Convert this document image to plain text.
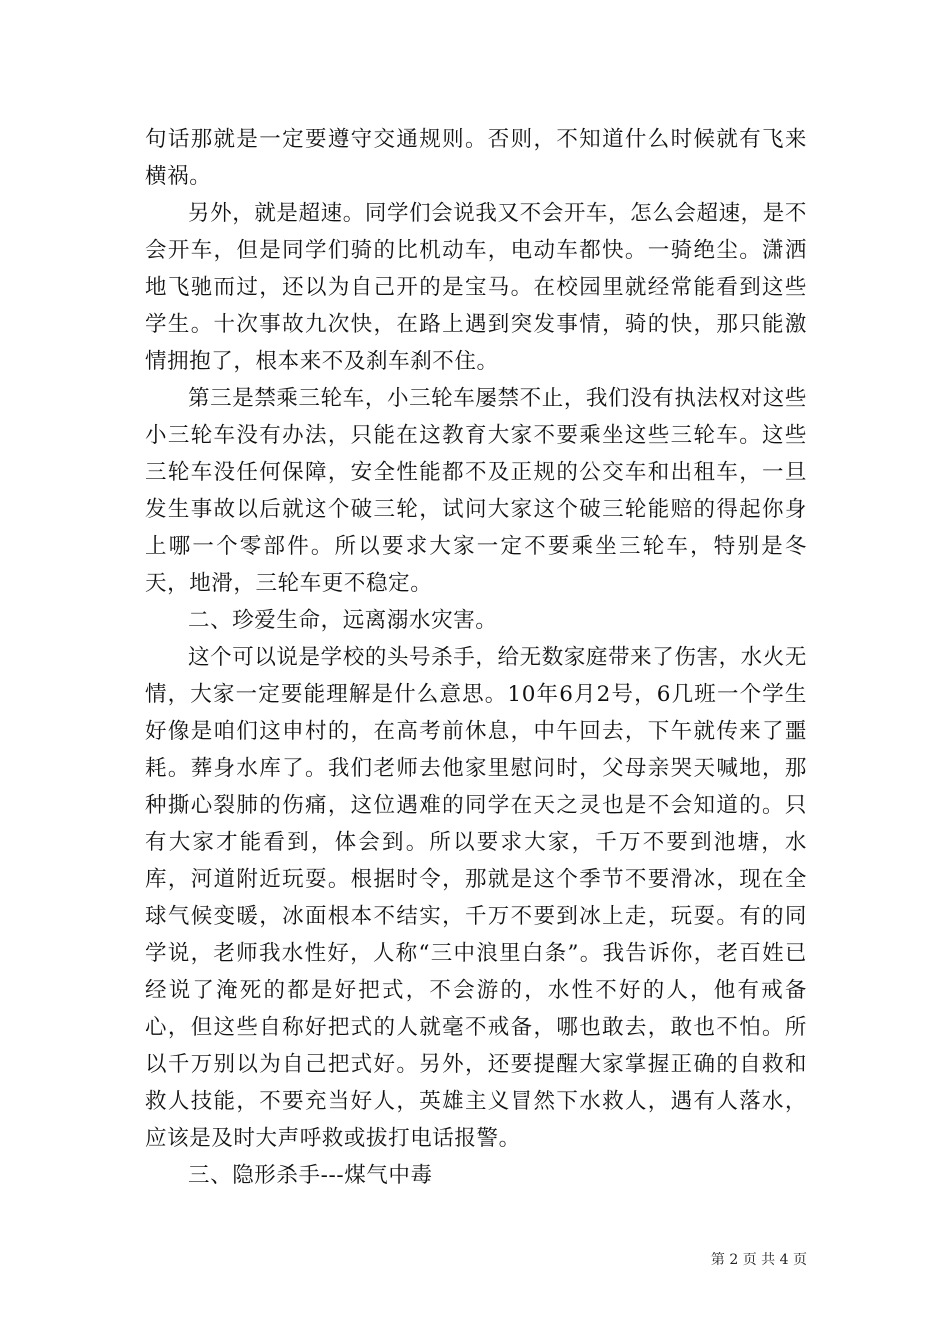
句话那就是一定要遵守交通规则。否则，不知道什么时候就有飞来横祸。

另外，就是超速。同学们会说我又不会开车，怎么会超速，是不会开车，但是同学们骑的比机动车，电动车都快。一骑绝尘。潇洒地飞驰而过，还以为自己开的是宝马。在校园里就经常能看到这些学生。十次事故九次快，在路上遇到突发事情，骑的快，那只能激情拥抱了，根本来不及刹车刹不住。

第三是禁乘三轮车，小三轮车屡禁不止，我们没有执法权对这些小三轮车没有办法，只能在这教育大家不要乘坐这些三轮车。这些三轮车没任何保障，安全性能都不及正规的公交车和出租车，一旦发生事故以后就这个破三轮，试问大家这个破三轮能赔的得起你身上哪一个零部件。所以要求大家一定不要乘坐三轮车，特别是冬天，地滑，三轮车更不稳定。

二、珍爱生命，远离溺水灾害。

这个可以说是学校的头号杀手，给无数家庭带来了伤害，水火无情，大家一定要能理解是什么意思。10年6月2号，6几班一个学生好像是咱们这申村的，在高考前休息，中午回去，下午就传来了噩耗。葬身水库了。我们老师去他家里慰问时，父母亲哭天喊地，那种撕心裂肺的伤痛，这位遇难的同学在天之灵也是不会知道的。只有大家才能看到，体会到。所以要求大家，千万不要到池塘，水库，河道附近玩耍。根据时令，那就是这个季节不要滑冰，现在全球气候变暖，冰面根本不结实，千万不要到冰上走，玩耍。有的同学说，老师我水性好，人称“三中浪里白条”。我告诉你，老百姓已经说了淹死的都是好把式，不会游的，水性不好的人，他有戒备心，但这些自称好把式的人就毫不戒备，哪也敢去，敢也不怕。所以千万别以为自己把式好。另外，还要提醒大家掌握正确的自救和救人技能，不要充当好人，英雄主义冒然下水救人，遇有人落水，应该是及时大声呼救或拔打电话报警。

三、隐形杀手---煤气中毒

第 2 页 共 4 页
